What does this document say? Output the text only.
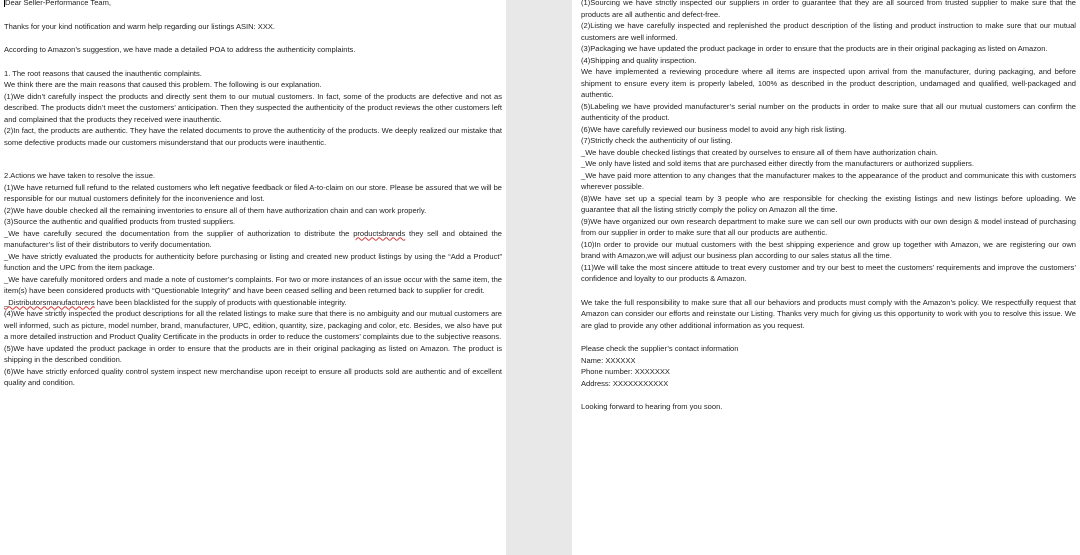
Dear Seller-Performance Team,

Thanks for your kind notification and warm help regarding our listings ASIN: XXX.

According to Amazon’s suggestion, we have made a detailed POA to address the authenticity complaints.

1. The root reasons that caused the inauthentic complaints.

We think there are the main reasons that caused this problem. The following is our explanation.

(1)We didn’t carefully inspect the products and directly sent them to our mutual customers. In fact, some of the products are defective and not as described. The products didn’t meet the customers’ anticipation. Then they suspected the authenticity of the product reviews the other customers left and complained that the products they received were inauthentic.

(2)In fact, the products are authentic. They have the related documents to prove the authenticity of the products. We deeply realized our mistake that some defective products made our customers misunderstand that our products were inauthentic.

2.Actions we have taken to resolve the issue.

(1)We have returned full refund to the related customers who left negative feedback or filed A-to-claim on our store. Please be assured that we will be responsible for our mutual customers definitely for the inconvenience and lost.

(2)We have double checked all the remaining inventories to ensure all of them have authorization chain and can work properly.

(3)Source the authentic and qualified products from trusted suppliers.

_We have carefully secured the documentation from the supplier of authorization to distribute the productsbrands they sell and obtained the manufacturer’s list of their distributors to verify documentation.

_We have strictly evaluated the products for authenticity before purchasing or listing and created new product listings by using the “Add a Product” function and the UPC from the item package.

_We have carefully monitored orders and made a note of customer’s complaints. For two or more instances of an issue occur with the same item, the item(s) have been considered products with “Questionable Integrity” and have been ceased selling and been returned back to supplier for credit.

_Distributorsmanufacturers have been blacklisted for the supply of products with questionable integrity.

(4)We have strictly inspected the product descriptions for all the related listings to make sure that there is no ambiguity and our mutual customers are well informed, such as picture, model number, brand, manufacturer, UPC, edition, quantity, size, packaging and color, etc. Besides, we also have put a more detailed instruction and Product Quality Certificate in the products in order to reduce the customers’ complaints due to the subjective reasons.

(5)We have updated the product package in order to ensure that the products are in their original packaging as listed on Amazon. The product is shipping in the described condition.

(6)We have strictly enforced quality control system inspect new merchandise upon receipt to ensure all products sold are authentic and of excellent quality and condition.

(1)Sourcing we have strictly inspected our suppliers in order to guarantee that they are all sourced from trusted supplier to make sure that the products are all authentic and defect-free.

(2)Listing we have carefully inspected and replenished the product description of the listing and product instruction to make sure that our mutual customers are well informed.

(3)Packaging we have updated the product package in order to ensure that the products are in their original packaging as listed on Amazon.

(4)Shipping and quality inspection.

We have implemented a reviewing procedure where all items are inspected upon arrival from the manufacturer, during packaging, and before shipment to ensure every item is properly labeled, 100% as described in the product description, undamaged and qualified, well-packaged and authentic.

(5)Labeling we have provided manufacturer’s serial number on the products in order to make sure that all our mutual customers can confirm the authenticity of the product.

(6)We have carefully reviewed our business model to avoid any high risk listing.

(7)Strictly check the authenticity of our listing.

_We have double checked listings that created by ourselves to ensure all of them have authorization chain.

_We only have listed and sold items that are purchased either directly from the manufacturers or authorized suppliers.

_We have paid more attention to any changes that the manufacturer makes to the appearance of the product and communicate this with customers wherever possible.

(8)We have set up a special team by 3 people who are responsible for checking the existing listings and new listings before uploading. We guarantee that all the listing strictly comply the policy on Amazon all the time.

(9)We have organized our own research department to make sure we can sell our own products with our own design & model instead of purchasing from our supplier in order to make sure that all our products are authentic.

(10)In order to provide our mutual customers with the best shipping experience and grow up together with Amazon, we are registering our own brand with Amazon,we will adjust our business plan according to our sales status all the time.

(11)We will take the most sincere attitude to treat every customer and try our best to meet the customers’ requirements and improve the customers’ confidence and loyalty to our products & Amazon.

We take the full responsibility to make sure that all our behaviors and products must comply with the Amazon’s policy. We respectfully request that Amazon can consider our efforts and reinstate our Listing. Thanks very much for giving us this opportunity to work with you to resolve this issue. We are glad to provide any other additional information as you request.

Please check the supplier’s contact information

Name: XXXXXX

Phone number: XXXXXXX

Address: XXXXXXXXXXX

Looking forward to hearing from you soon.
